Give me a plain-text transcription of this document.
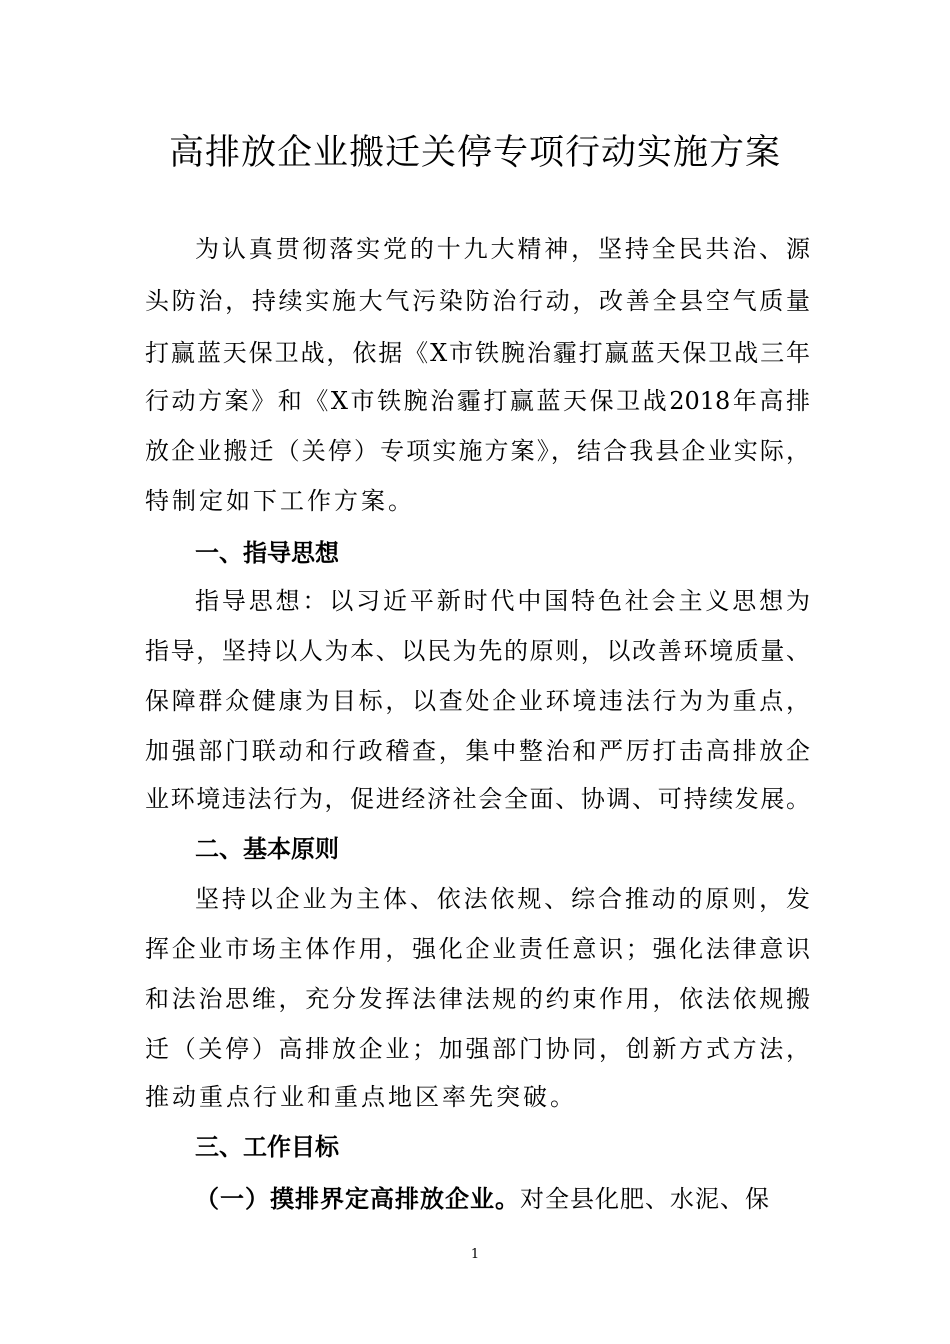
高排放企业搬迁关停专项行动实施方案

为认真贯彻落实党的十九大精神，坚持全民共治、源

头防治，持续实施大气污染防治行动，改善全县空气质量

打赢蓝天保卫战，依据《X市铁腕治霾打赢蓝天保卫战三年

行动方案》和《X市铁腕治霾打赢蓝天保卫战2018年高排

放企业搬迁（关停）专项实施方案》，结合我县企业实际，

特制定如下工作方案。

一、指导思想

指导思想：以习近平新时代中国特色社会主义思想为

指导，坚持以人为本、以民为先的原则，以改善环境质量、

保障群众健康为目标，以查处企业环境违法行为为重点，

加强部门联动和行政稽查，集中整治和严厉打击高排放企

业环境违法行为，促进经济社会全面、协调、可持续发展。

二、基本原则

坚持以企业为主体、依法依规、综合推动的原则，发

挥企业市场主体作用，强化企业责任意识；强化法律意识

和法治思维，充分发挥法律法规的约束作用，依法依规搬

迁（关停）高排放企业；加强部门协同，创新方式方法，

推动重点行业和重点地区率先突破。

三、工作目标

（一）摸排界定高排放企业。对全县化肥、水泥、保

1
